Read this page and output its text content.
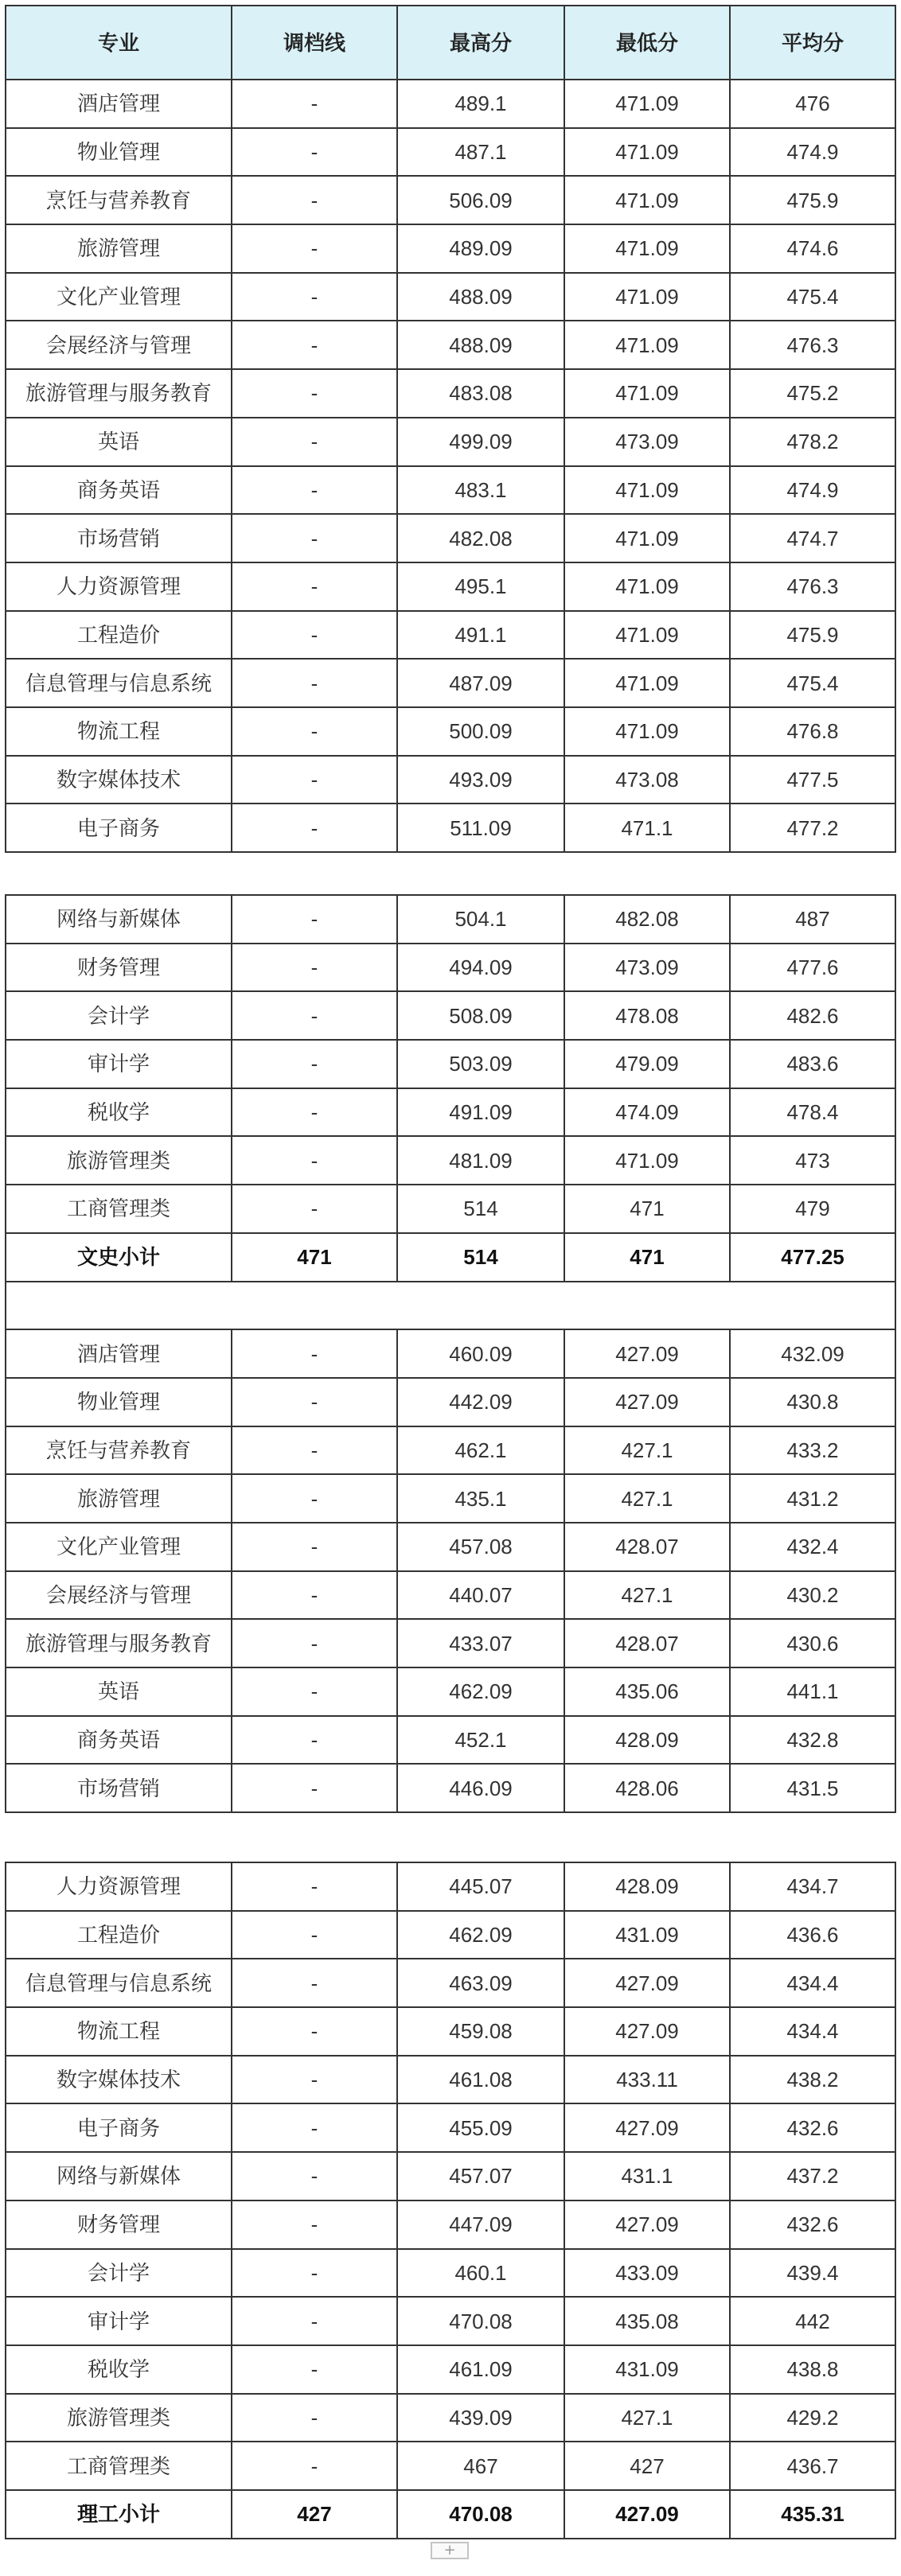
专业	调档线	最高分	最低分	平均分
酒店管理	-	489.1	471.09	476
物业管理	-	487.1	471.09	474.9
烹饪与营养教育	-	506.09	471.09	475.9
旅游管理	-	489.09	471.09	474.6
文化产业管理	-	488.09	471.09	475.4
会展经济与管理	-	488.09	471.09	476.3
旅游管理与服务教育	-	483.08	471.09	475.2
英语	-	499.09	473.09	478.2
商务英语	-	483.1	471.09	474.9
市场营销	-	482.08	471.09	474.7
人力资源管理	-	495.1	471.09	476.3
工程造价	-	491.1	471.09	475.9
信息管理与信息系统	-	487.09	471.09	475.4
物流工程	-	500.09	471.09	476.8
数字媒体技术	-	493.09	473.08	477.5
电子商务	-	511.09	471.1	477.2
网络与新媒体	-	504.1	482.08	487
财务管理	-	494.09	473.09	477.6
会计学	-	508.09	478.08	482.6
审计学	-	503.09	479.09	483.6
税收学	-	491.09	474.09	478.4
旅游管理类	-	481.09	471.09	473
工商管理类	-	514	471	479
文史小计	471	514	471	477.25

酒店管理	-	460.09	427.09	432.09
物业管理	-	442.09	427.09	430.8
烹饪与营养教育	-	462.1	427.1	433.2
旅游管理	-	435.1	427.1	431.2
文化产业管理	-	457.08	428.07	432.4
会展经济与管理	-	440.07	427.1	430.2
旅游管理与服务教育	-	433.07	428.07	430.6
英语	-	462.09	435.06	441.1
商务英语	-	452.1	428.09	432.8
市场营销	-	446.09	428.06	431.5
人力资源管理	-	445.07	428.09	434.7
工程造价	-	462.09	431.09	436.6
信息管理与信息系统	-	463.09	427.09	434.4
物流工程	-	459.08	427.09	434.4
数字媒体技术	-	461.08	433.11	438.2
电子商务	-	455.09	427.09	432.6
网络与新媒体	-	457.07	431.1	437.2
财务管理	-	447.09	427.09	432.6
会计学	-	460.1	433.09	439.4
审计学	-	470.08	435.08	442
税收学	-	461.09	431.09	438.8
旅游管理类	-	439.09	427.1	429.2
工商管理类	-	467	427	436.7
理工小计	427	470.08	427.09	435.31
+
